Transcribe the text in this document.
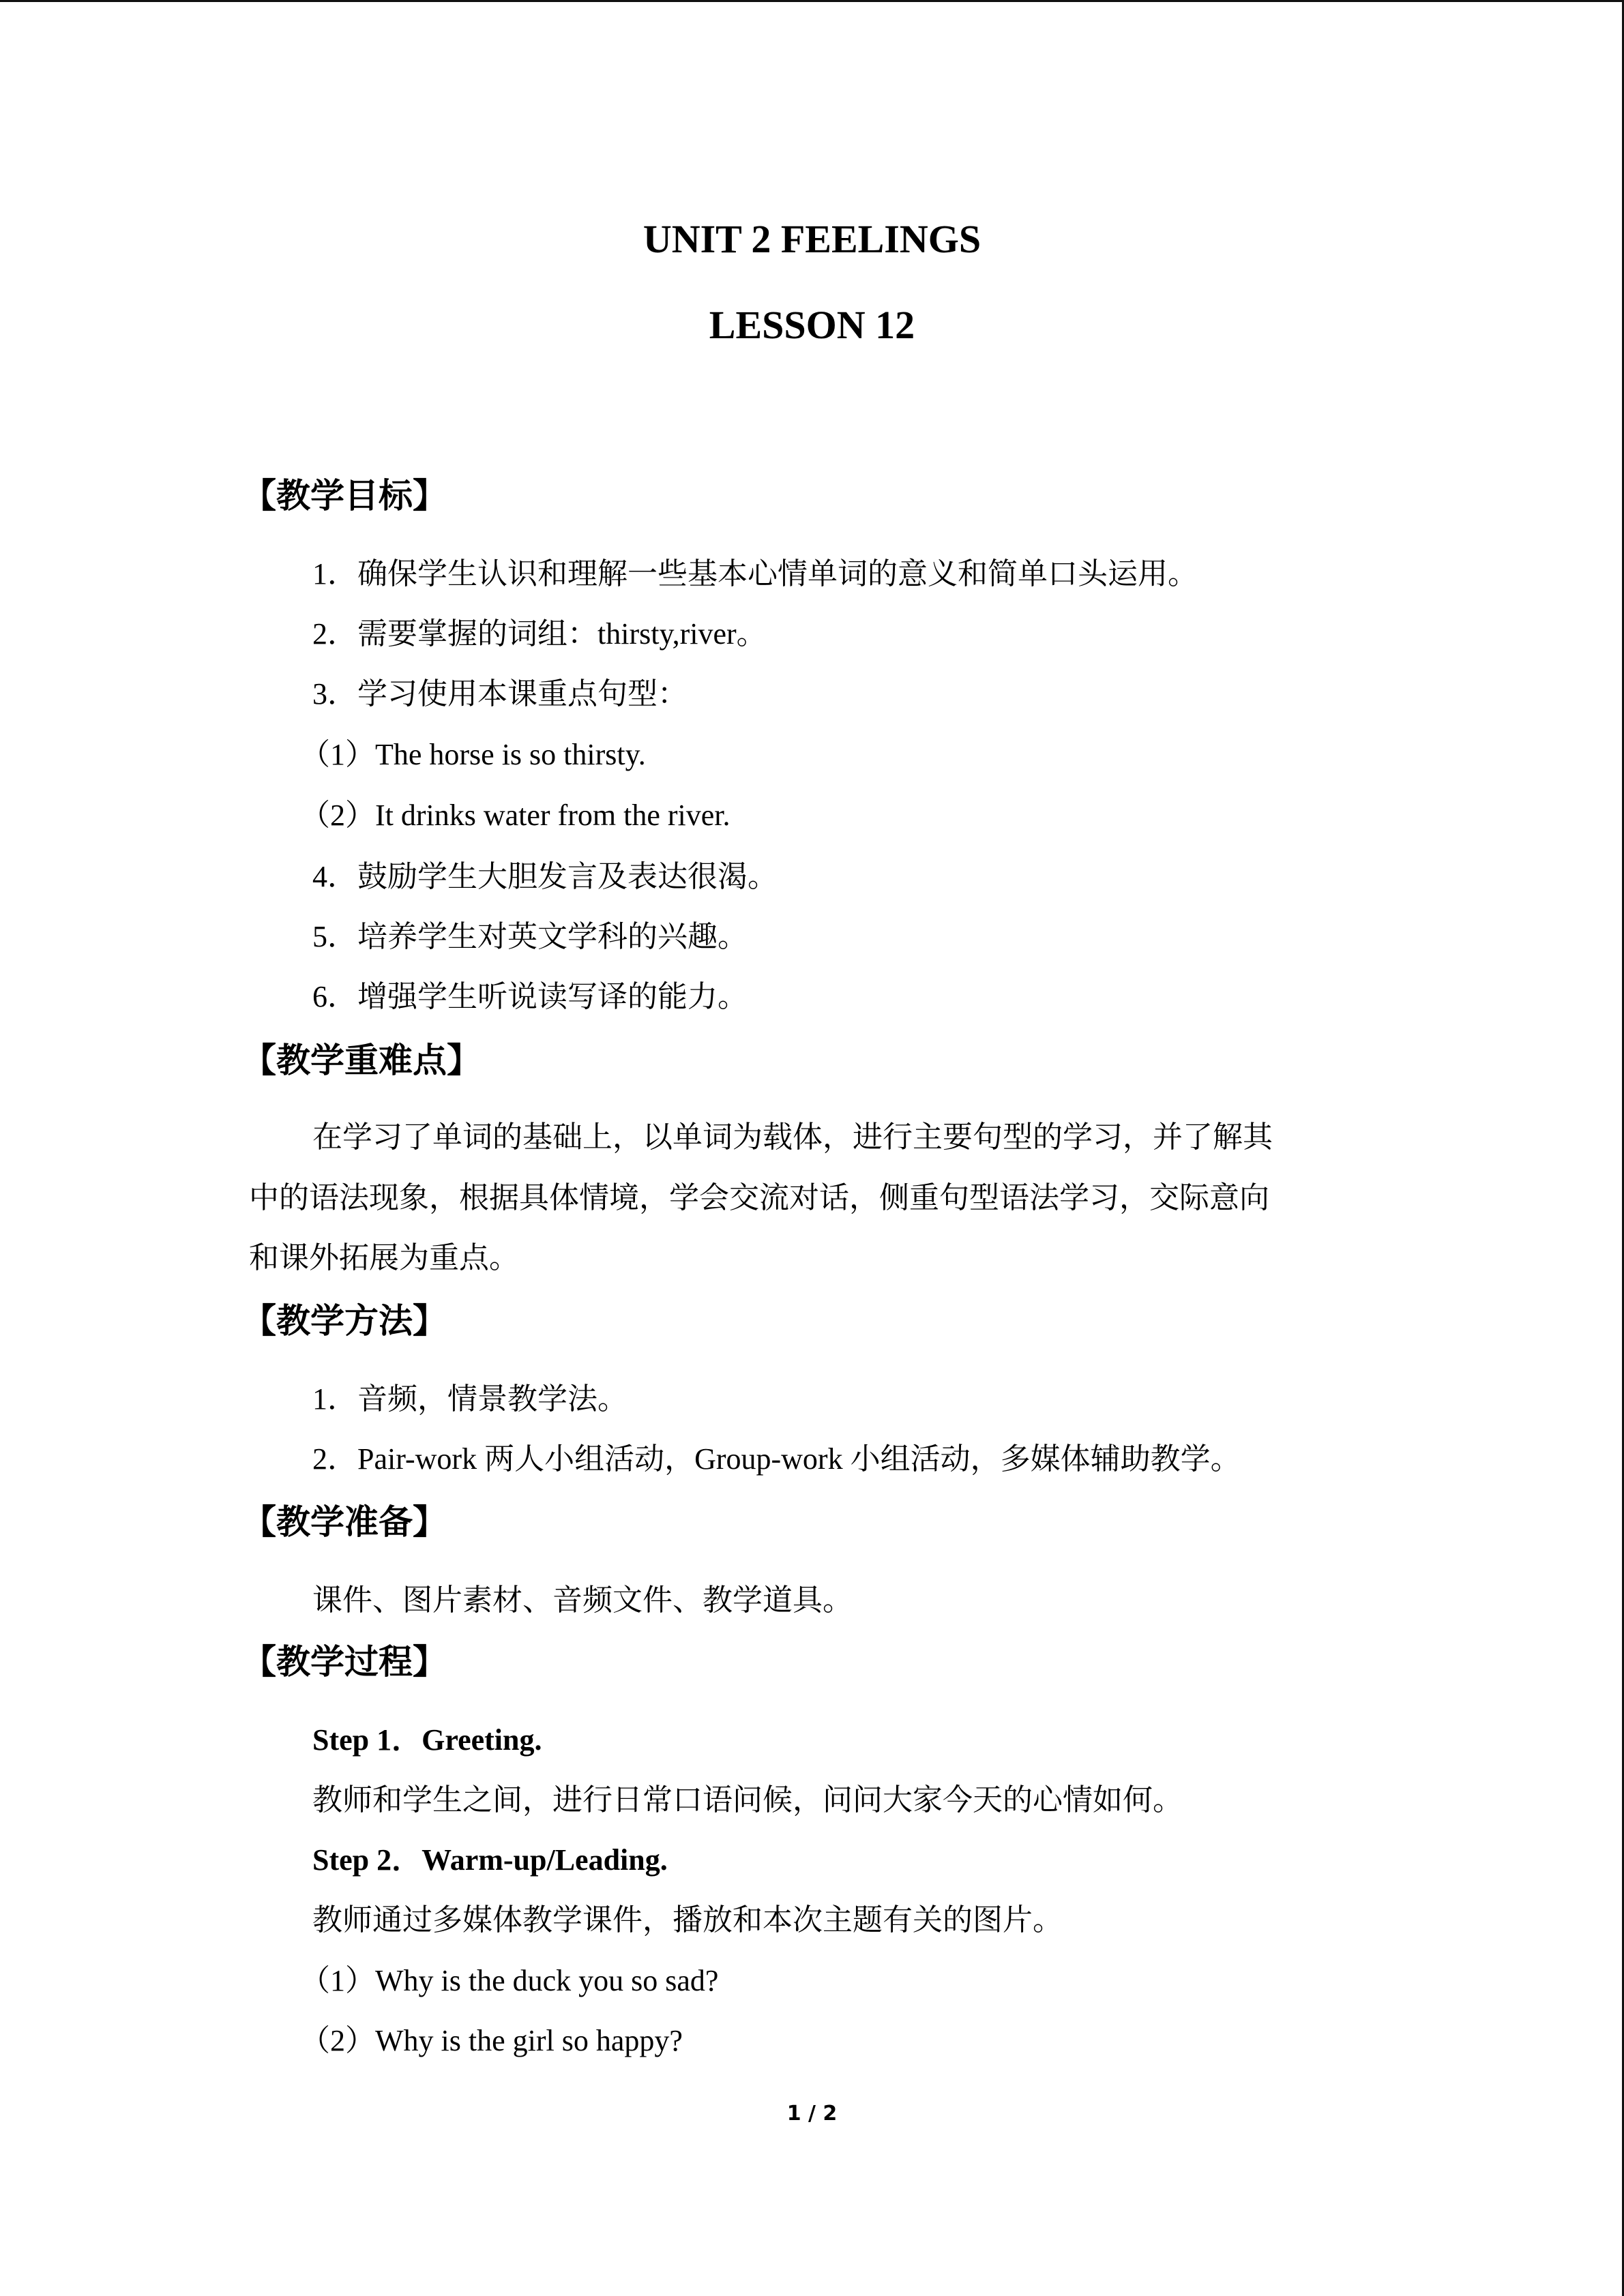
UNIT 2 FEELINGS
LESSON 12
【教学目标】
1．确保学生认识和理解一些基本心情单词的意义和简单口头运用。
2．需要掌握的词组：thirsty,river。
3．学习使用本课重点句型：
（1）The horse is so thirsty.
（2）It drinks water from the river.
4．鼓励学生大胆发言及表达很渴。
5．培养学生对英文学科的兴趣。
6．增强学生听说读写译的能力。
【教学重难点】
在学习了单词的基础上，以单词为载体，进行主要句型的学习，并了解其
中的语法现象，根据具体情境，学会交流对话，侧重句型语法学习，交际意向
和课外拓展为重点。
【教学方法】
1．音频，情景教学法。
2．Pair-work 两人小组活动，Group-work 小组活动，多媒体辅助教学。
【教学准备】
课件、图片素材、音频文件、教学道具。
【教学过程】
Step 1．Greeting.
教师和学生之间，进行日常口语问候，问问大家今天的心情如何。
Step 2．Warm-up/Leading.
教师通过多媒体教学课件，播放和本次主题有关的图片。
（1）Why is the duck you so sad?
（2）Why is the girl so happy?
1 / 2
